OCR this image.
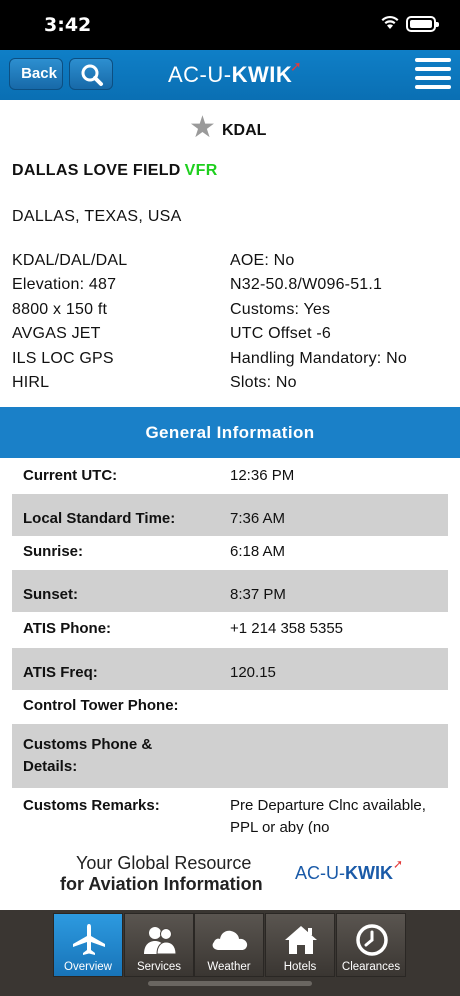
3:42
Back	AC-U-KWIK
➚
★ KDAL
DALLAS LOVE FIELD VFR
DALLAS, TEXAS, USA
KDAL/DAL/DAL	AOE: No
Elevation: 487	N32-50.8/W096-51.1
8800 x 150 ft	Customs: Yes
AVGAS JET	UTC Offset -6
ILS LOC GPS	Handling Mandatory: No
HIRL	Slots: No
General Information
Current UTC:	12:36 PM
Local Standard Time:	7:36 AM
Sunrise:	6:18 AM
Sunset:	8:37 PM
ATIS Phone:	+1 214 358 5355
ATIS Freq:	120.15
Control Tower Phone:
Customs Phone & Details:
Customs Remarks:	Pre Departure Clnc available, PPL or aby (no
Your Global Resource
for Aviation Information
AC-U-KWIK ➚
Overview	Services	Weather	Hotels	Clearances
